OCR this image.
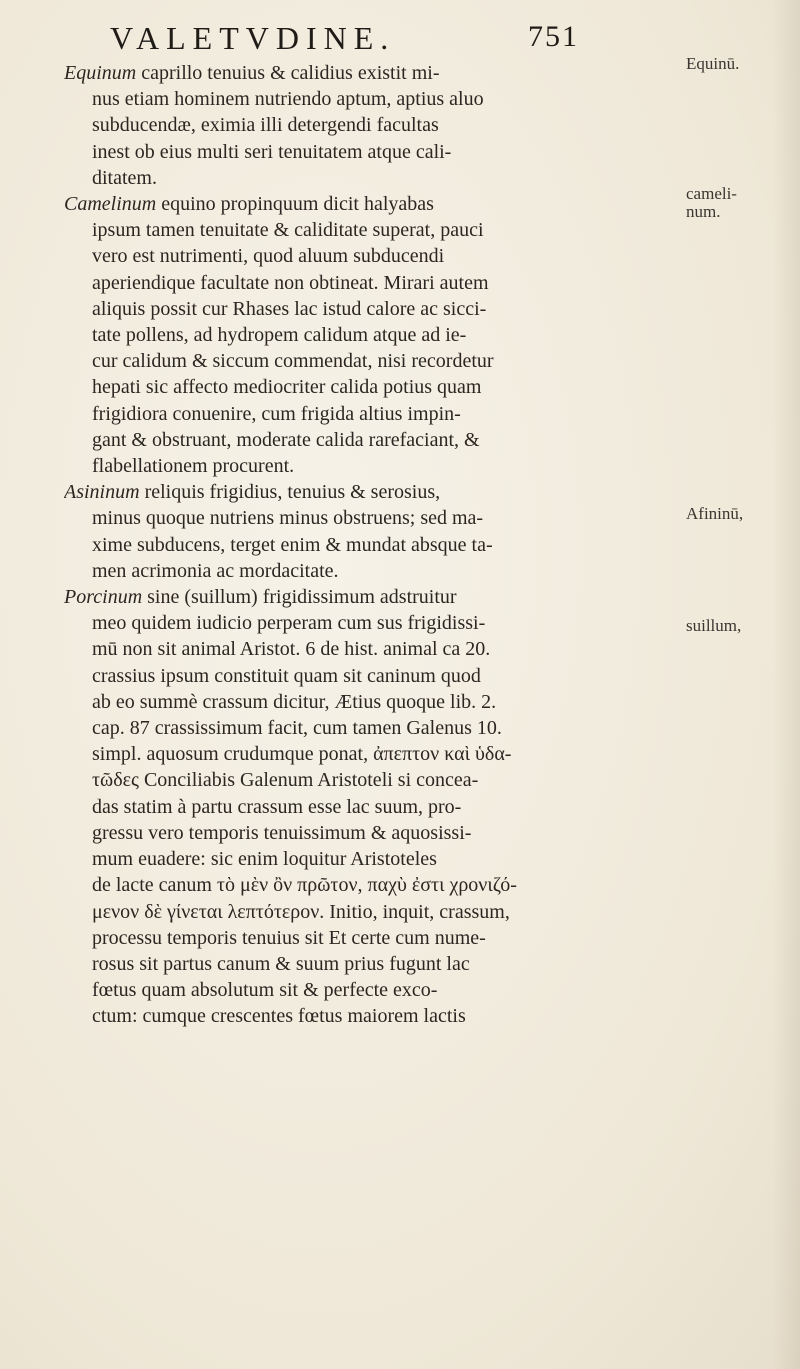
VALETVDINE.	751
Equinum caprillo tenuius & calidius existit mi-
nus etiam hominem nutriendo aptum, aptius aluo
subducendæ, eximia illi detergendi facultas
inest ob eius multi seri tenuitatem atque cali-
ditatem.
Camelinum equino propinquum dicit halyabas
ipsum tamen tenuitate & caliditate superat, pauci
vero est nutrimenti, quod aluum subducendi
aperiendique facultate non obtineat. Mirari autem
aliquis possit cur Rhases lac istud calore ac sicci-
tate pollens, ad hydropem calidum atque ad ie-
cur calidum & siccum commendat, nisi recordetur
hepati sic affecto mediocriter calida potius quam
frigidiora conuenire, cum frigida altius impin-
gant & obstruant, moderate calida rarefaciant, &
flabellationem procurent.
Asininum reliquis frigidius, tenuius & serosius,
minus quoque nutriens minus obstruens; sed ma-
xime subducens, terget enim & mundat absque ta-
men acrimonia ac mordacitate.
Porcinum sine (suillum) frigidissimum adstruitur
meo quidem iudicio perperam cum sus frigidissi-
mū non sit animal Aristot. 6 de hist. animal ca 20.
crassius ipsum constituit quam sit caninum quod
ab eo summè crassum dicitur, Ætius quoque lib. 2.
cap. 87 crassissimum facit, cum tamen Galenus 10.
simpl. aquosum crudumque ponat, ἀπεπτον καὶ ὑδα-
τῶδες Conciliabis Galenum Aristoteli si concea-
das statim à partu crassum esse lac suum, pro-
gressu vero temporis tenuissimum & aquosissi-
mum euadere: sic enim loquitur Aristoteles
de lacte canum τὸ μὲν ὂν πρῶτον, παχὺ ἐστι χρονιζό-
μενον δὲ γίνεται λεπτότερον. Initio, inquit, crassum,
processu temporis tenuius sit Et certe cum nume-
rosus sit partus canum & suum prius fugunt lac
fœtus quam absolutum sit & perfecte exco-
ctum: cumque crescentes fœtus maiorem lactis
Equinū.
cameli-
num.
Afininū,
suillum,
